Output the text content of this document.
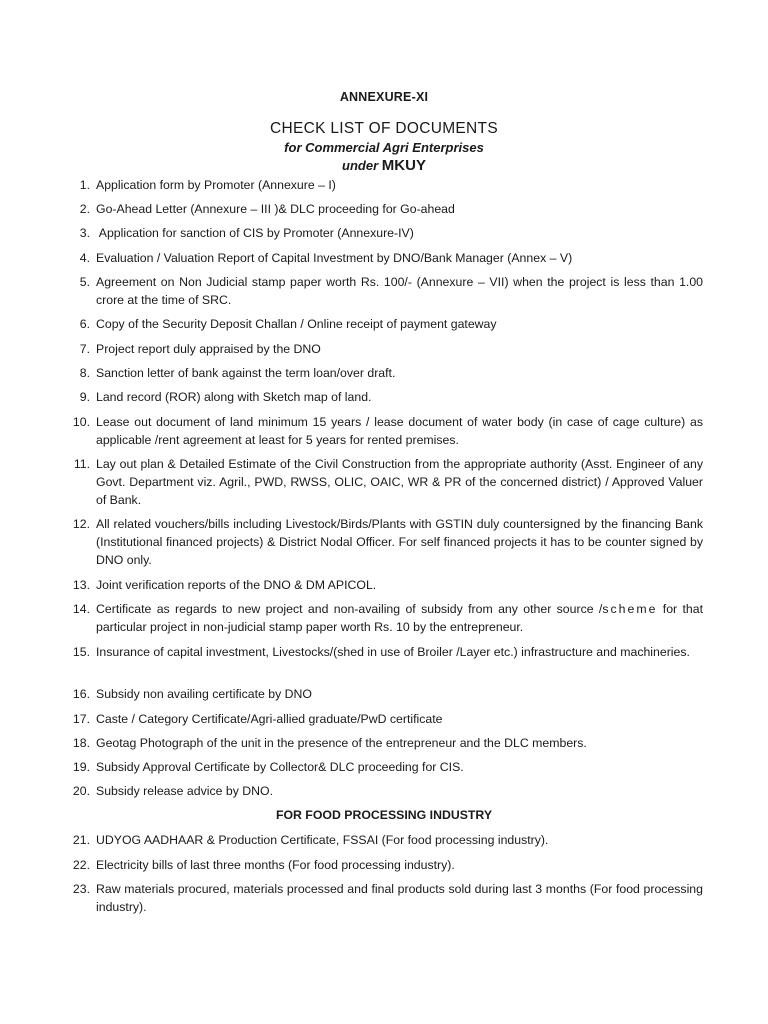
ANNEXURE-XI
CHECK LIST OF DOCUMENTS
for Commercial Agri Enterprises
under MKUY
1. Application form by Promoter (Annexure – I)
2. Go-Ahead Letter (Annexure – III )& DLC proceeding for Go-ahead
3. Application for sanction of CIS by Promoter (Annexure-IV)
4. Evaluation / Valuation Report of Capital Investment by DNO/Bank Manager (Annex – V)
5. Agreement on Non Judicial stamp paper worth Rs. 100/- (Annexure – VII) when the project is less than 1.00 crore at the time of SRC.
6. Copy of the Security Deposit Challan / Online receipt of payment gateway
7. Project report duly appraised by the DNO
8. Sanction letter of bank against the term loan/over draft.
9. Land record (ROR) along with Sketch map of land.
10. Lease out document of land minimum 15 years / lease document of water body (in case of cage culture) as applicable /rent agreement at least for 5 years for rented premises.
11. Lay out plan & Detailed Estimate of the Civil Construction from the appropriate authority (Asst. Engineer of any Govt. Department viz. Agril., PWD, RWSS, OLIC, OAIC, WR & PR of the concerned district) / Approved Valuer of Bank.
12. All related vouchers/bills including Livestock/Birds/Plants with GSTIN duly countersigned by the financing Bank (Institutional financed projects) & District Nodal Officer. For self financed projects it has to be counter signed by DNO only.
13. Joint verification reports of the DNO & DM APICOL.
14. Certificate as regards to new project and non-availing of subsidy from any other source /scheme for that particular project in non-judicial stamp paper worth Rs. 10 by the entrepreneur.
15. Insurance of capital investment, Livestocks/(shed in use of Broiler /Layer etc.) infrastructure and machineries.
16. Subsidy non availing certificate by DNO
17. Caste / Category Certificate/Agri-allied graduate/PwD certificate
18. Geotag Photograph of the unit in the presence of the entrepreneur and the DLC members.
19. Subsidy Approval Certificate by Collector& DLC proceeding for CIS.
20. Subsidy release advice by DNO.
FOR FOOD PROCESSING INDUSTRY
21. UDYOG AADHAAR & Production Certificate, FSSAI (For food processing industry).
22. Electricity bills of last three months (For food processing industry).
23. Raw materials procured, materials processed and final products sold during last 3 months (For food processing industry).
